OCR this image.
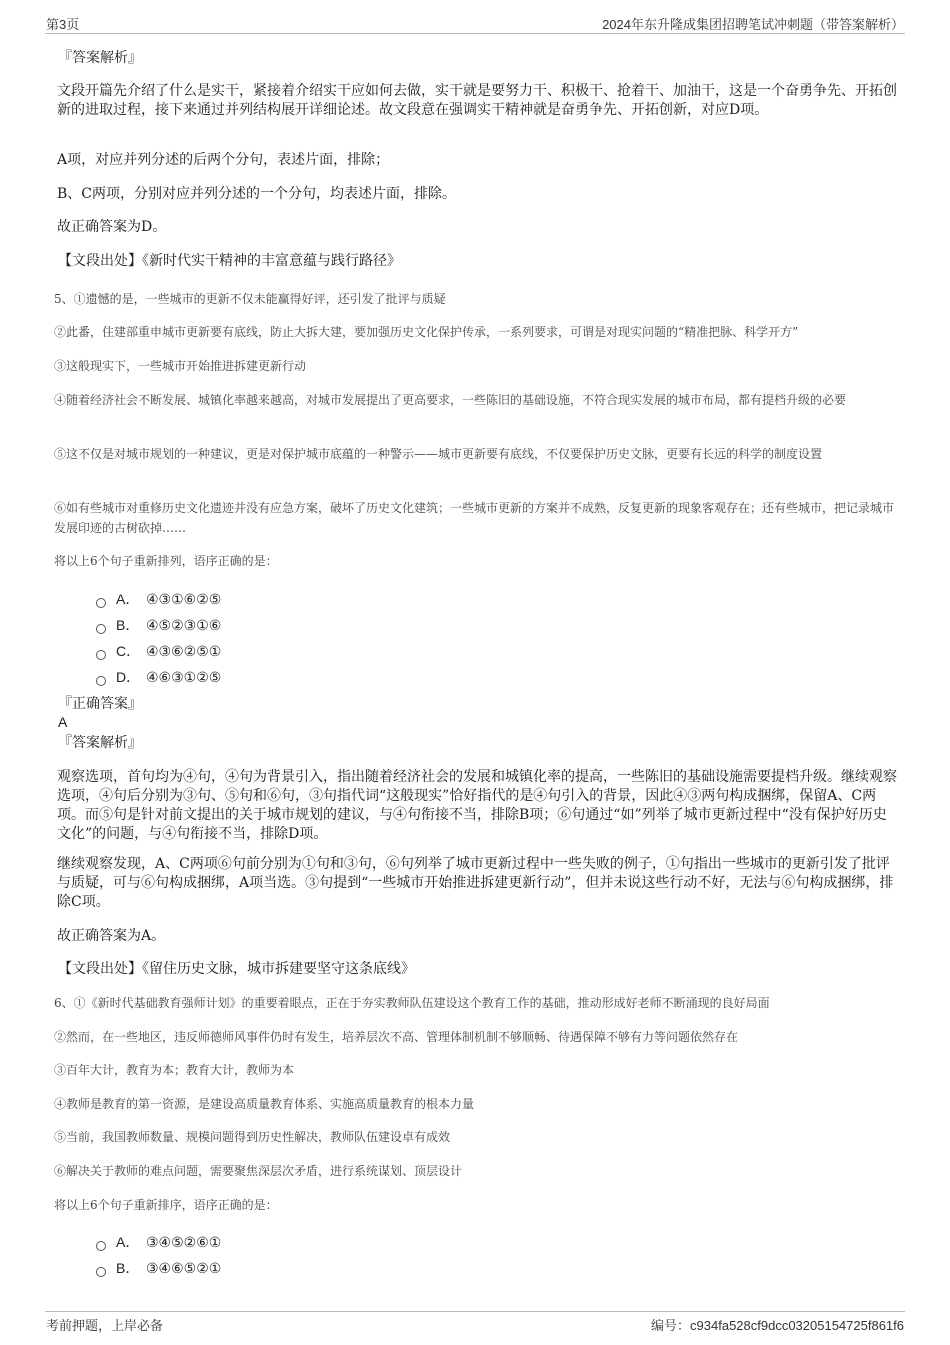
第3页	2024年东升隆成集团招聘笔试冲刺题（带答案解析）
『答案解析』
文段开篇先介绍了什么是实干，紧接着介绍实干应如何去做，实干就是要努力干、积极干、抢着干、加油干，这是一个奋勇争先、开拓创新的进取过程，接下来通过并列结构展开详细论述。故文段意在强调实干精神就是奋勇争先、开拓创新，对应D项。
A项，对应并列分述的后两个分句，表述片面，排除；
B、C两项，分别对应并列分述的一个分句，均表述片面，排除。
故正确答案为D。
【文段出处】《新时代实干精神的丰富意蕴与践行路径》
5、①遗憾的是，一些城市的更新不仅未能赢得好评，还引发了批评与质疑
②此番，住建部重申城市更新要有底线，防止大拆大建，要加强历史文化保护传承，一系列要求，可谓是对现实问题的“精准把脉、科学开方”
③这般现实下，一些城市开始推进拆建更新行动
④随着经济社会不断发展、城镇化率越来越高，对城市发展提出了更高要求，一些陈旧的基础设施，不符合现实发展的城市布局，都有提档升级的必要
⑤这不仅是对城市规划的一种建议，更是对保护城市底蕴的一种警示——城市更新要有底线，不仅要保护历史文脉，更要有长远的科学的制度设置
⑥如有些城市对重修历史文化遗迹并没有应急方案，破坏了历史文化建筑；一些城市更新的方案并不成熟，反复更新的现象客观存在；还有些城市，把记录城市发展印迹的古树砍掉……
将以上6个句子重新排列，语序正确的是：
A． ④③①⑥②⑤
B． ④⑤②③①⑥
C． ④③⑥②⑤①
D． ④⑥③①②⑤
『正确答案』
A
『答案解析』
观察选项，首句均为④句，④句为背景引入，指出随着经济社会的发展和城镇化率的提高，一些陈旧的基础设施需要提档升级。继续观察选项，④句后分别为③句、⑤句和⑥句，③句指代词“这般现实”恰好指代的是④句引入的背景，因此④③两句构成捆绑，保留A、C两项。而⑤句是针对前文提出的关于城市规划的建议，与④句衔接不当，排除B项；⑥句通过“如”列举了城市更新过程中“没有保护好历史文化”的问题，与④句衔接不当，排除D项。
继续观察发现，A、C两项⑥句前分别为①句和③句，⑥句列举了城市更新过程中一些失败的例子，①句指出一些城市的更新引发了批评与质疑，可与⑥句构成捆绑，A项当选。③句提到“一些城市开始推进拆建更新行动”，但并未说这些行动不好，无法与⑥句构成捆绑，排除C项。
故正确答案为A。
【文段出处】《留住历史文脉，城市拆建要坚守这条底线》
6、①《新时代基础教育强师计划》的重要着眼点，正在于夯实教师队伍建设这个教育工作的基础，推动形成好老师不断涌现的良好局面
②然而，在一些地区，违反师德师风事件仍时有发生，培养层次不高、管理体制机制不够顺畅、待遇保障不够有力等问题依然存在
③百年大计，教育为本；教育大计，教师为本
④教师是教育的第一资源，是建设高质量教育体系、实施高质量教育的根本力量
⑤当前，我国教师数量、规模问题得到历史性解决，教师队伍建设卓有成效
⑥解决关于教师的难点问题，需要聚焦深层次矛盾，进行系统谋划、顶层设计
将以上6个句子重新排序，语序正确的是：
A． ③④⑤②⑥①
B． ③④⑥⑤②①
考前押题，上岸必备	编号：c934fa528cf9dcc03205154725f861f6
